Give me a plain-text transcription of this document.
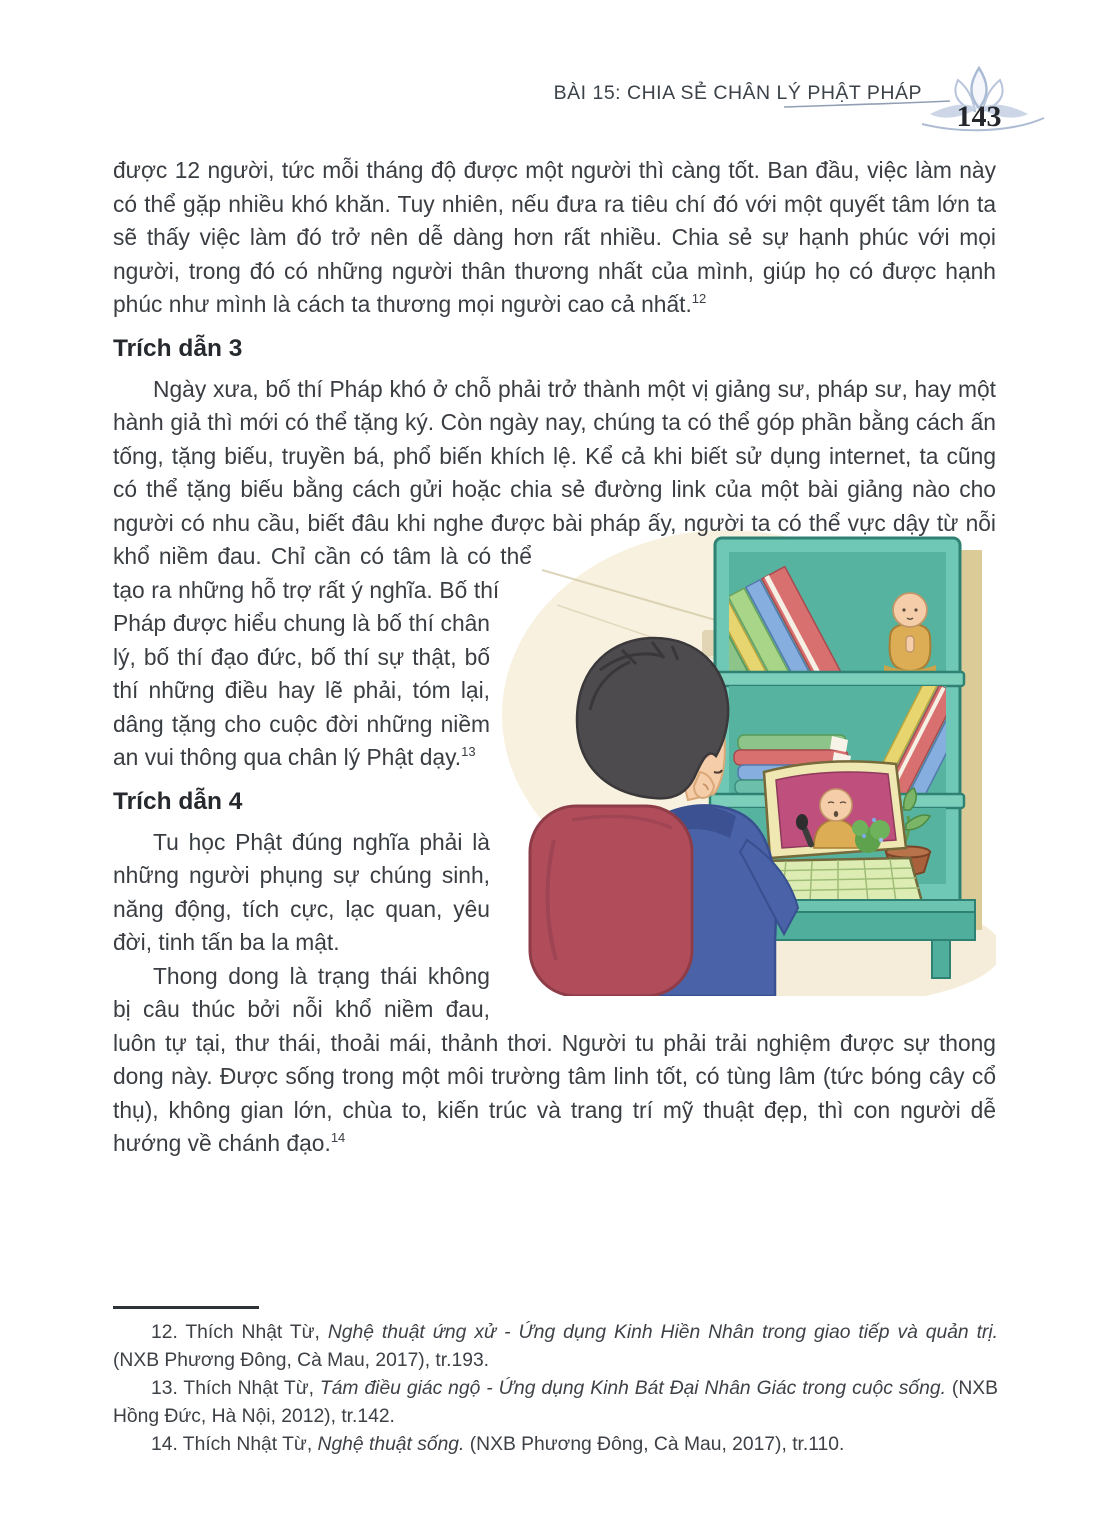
BÀI 15: CHIA SẺ CHÂN LÝ PHẬT PHÁP
143

được 12 người, tức mỗi tháng độ được một người thì càng tốt. Ban đầu, việc làm này có thể gặp nhiều khó khăn. Tuy nhiên, nếu đưa ra tiêu chí đó với một quyết tâm lớn ta sẽ thấy việc làm đó trở nên dễ dàng hơn rất nhiều. Chia sẻ sự hạnh phúc với mọi người, trong đó có những người thân thương nhất của mình, giúp họ có được hạnh phúc như mình là cách ta thương mọi người cao cả nhất.$^{12}$

Trích dẫn 3

Ngày xưa, bố thí Pháp khó ở chỗ phải trở thành một vị giảng sư, pháp sư, hay một hành giả thì mới có thể tặng ký. Còn ngày nay, chúng ta có thể góp phần bằng cách ấn tống, tặng biếu, truyền bá, phổ biến khích lệ. Kể cả khi biết sử dụng internet, ta cũng có thể tặng biếu bằng cách gửi hoặc chia sẻ đường link của một bài giảng nào cho người có nhu
cầu, biết đâu khi nghe được bài pháp ấy, người ta có thể vực dậy từ nỗi khổ niềm đau. Chỉ cần có tâm là có thể tạo ra những hỗ trợ rất ý nghĩa. Bố thí Pháp được hiểu chung là bố thí chân lý, bố thí đạo đức, bố thí sự thật, bố thí những điều hay lẽ phải, tóm lại, dâng tặng cho cuộc đời những niềm an vui thông qua chân lý Phật dạy.$^{13}$

Trích dẫn 4

Tu học Phật đúng nghĩa phải là những người phụng sự chúng sinh, năng động, tích cực, lạc quan, yêu đời, tinh tấn ba la mật.

Thong dong là trạng thái không bị câu thúc bởi nỗi khổ niềm đau, luôn tự tại, thư thái, thoải mái, thảnh thơi. Người tu phải trải nghiệm được sự thong dong này. Được sống trong một môi trường tâm linh tốt, có tùng lâm (tức bóng cây cổ thụ), không gian lớn, chùa to, kiến trúc và trang trí mỹ thuật đẹp, thì con người dễ hướng về chánh đạo.$^{14}$

12. Thích Nhật Từ, Nghệ thuật ứng xử - Ứng dụng Kinh Hiền Nhân trong giao tiếp và quản trị. (NXB Phương Đông, Cà Mau, 2017), tr.193.

13. Thích Nhật Từ, Tám điều giác ngộ - Ứng dụng Kinh Bát Đại Nhân Giác trong cuộc sống. (NXB Hồng Đức, Hà Nội, 2012), tr.142.

14. Thích Nhật Từ, Nghệ thuật sống. (NXB Phương Đông, Cà Mau, 2017), tr.110.
